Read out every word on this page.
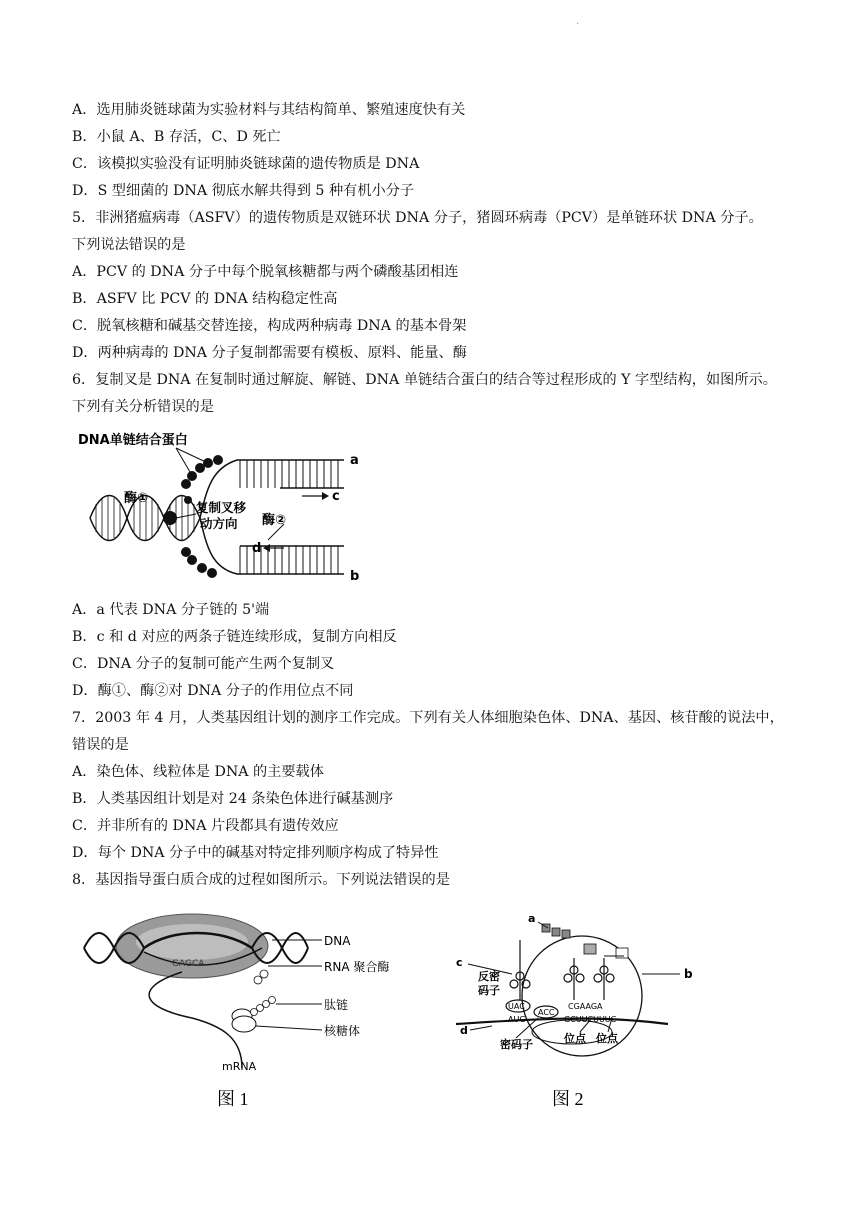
.
A．选用肺炎链球菌为实验材料与其结构简单、繁殖速度快有关
B．小鼠 A、B 存活，C、D 死亡
C．该模拟实验没有证明肺炎链球菌的遗传物质是 DNA
D．S 型细菌的 DNA 彻底水解共得到 5 种有机小分子
5．非洲猪瘟病毒（ASFV）的遗传物质是双链环状 DNA 分子，猪圆环病毒（PCV）是单链环状 DNA 分子。
下列说法错误的是
A．PCV 的 DNA 分子中每个脱氧核糖都与两个磷酸基团相连
B．ASFV 比 PCV 的 DNA 结构稳定性高
C．脱氧核糖和碱基交替连接，构成两种病毒 DNA 的基本骨架
D．两种病毒的 DNA 分子复制都需要有模板、原料、能量、酶
6．复制叉是 DNA 在复制时通过解旋、解链、DNA 单链结合蛋白的结合等过程形成的 Y 字型结构，如图所示。
下列有关分析错误的是
DNA单链结合蛋白
酶①
复制叉移
动方向 酶②
a
b
c
d
A．a 代表 DNA 分子链的 5'端
B．c 和 d 对应的两条子链连续形成，复制方向相反
C．DNA 分子的复制可能产生两个复制叉
D．酶①、酶②对 DNA 分子的作用位点不同
7．2003 年 4 月，人类基因组计划的测序工作完成。下列有关人体细胞染色体、DNA、基因、核苷酸的说法中，
错误的是
A．染色体、线粒体是 DNA 的主要载体
B．人类基因组计划是对 24 条染色体进行碱基测序
C．并非所有的 DNA 片段都具有遗传效应
D．每个 DNA 分子中的碱基对特定排列顺序构成了特异性
8．基因指导蛋白质合成的过程如图所示。下列说法错误的是
GAGCA
DNA
RNA 聚合酶
肽链
核糖体
mRNA
图 1
a
b
c
d
反密
码子
UAC
AUG
ACC
CGAAGA
GCUUCUUUC
密码子	位点 位点
图 2
